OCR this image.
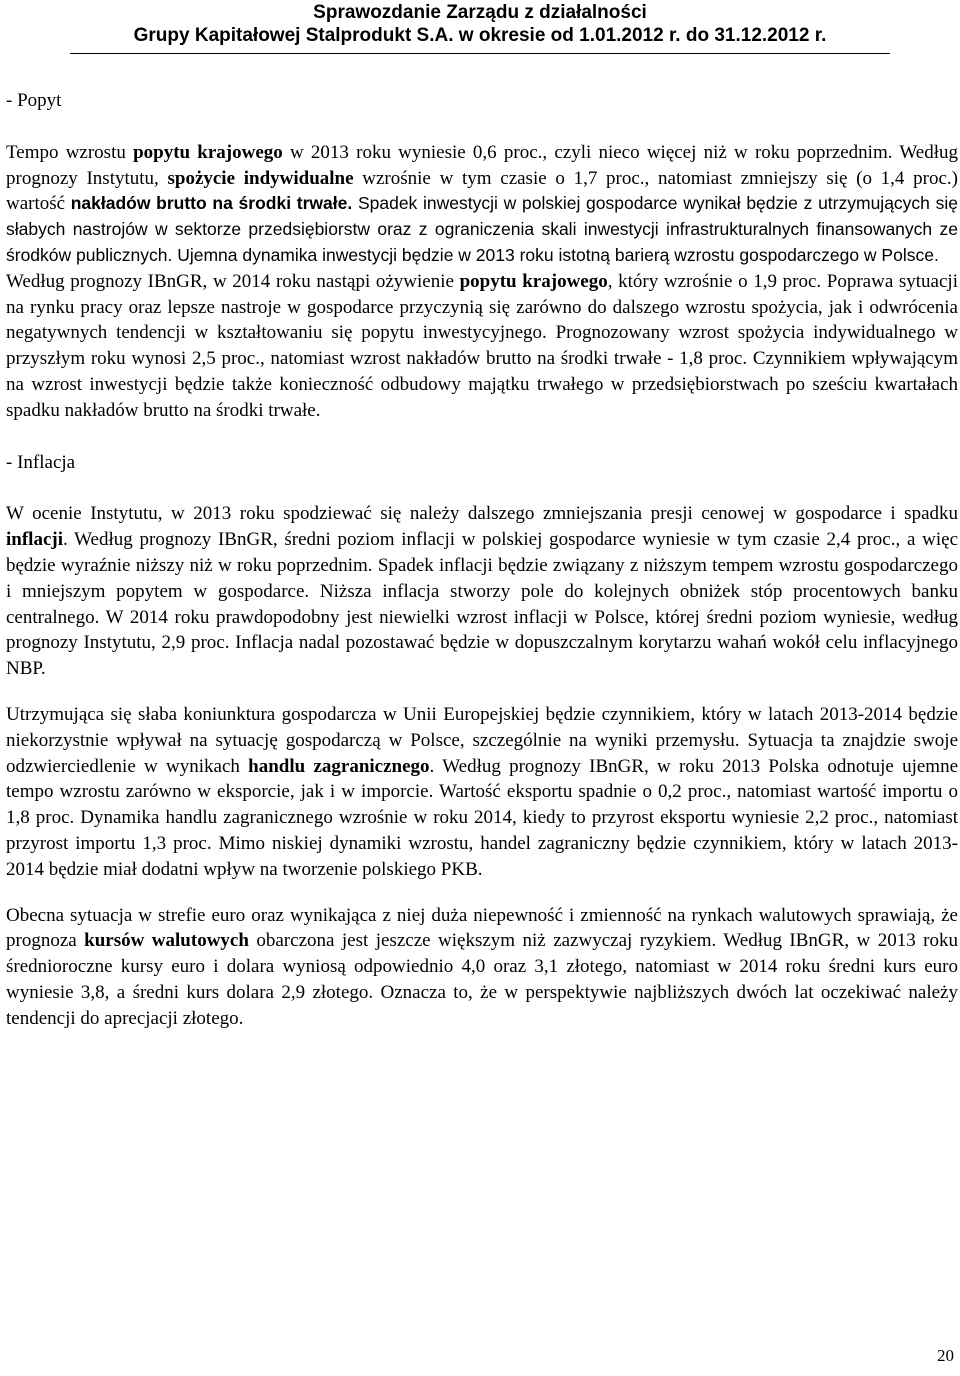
Sprawozdanie Zarządu z działalności
Grupy Kapitałowej Stalprodukt S.A. w okresie od 1.01.2012 r. do 31.12.2012 r.

- Popyt

Tempo wzrostu popytu krajowego w 2013 roku wyniesie 0,6 proc., czyli nieco więcej niż w roku poprzednim. Według prognozy Instytutu, spożycie indywidualne wzrośnie w tym czasie o 1,7 proc., natomiast zmniejszy się (o 1,4 proc.) wartość nakładów brutto na środki trwałe. Spadek inwestycji w polskiej gospodarce wynikał będzie z utrzymujących się słabych nastrojów w sektorze przedsiębiorstw oraz z ograniczenia skali inwestycji infrastrukturalnych finansowanych ze środków publicznych. Ujemna dynamika inwestycji będzie w 2013 roku istotną barierą wzrostu gospodarczego w Polsce.

Według prognozy IBnGR, w 2014 roku nastąpi ożywienie popytu krajowego, który wzrośnie o 1,9 proc. Poprawa sytuacji na rynku pracy oraz lepsze nastroje w gospodarce przyczynią się zarówno do dalszego wzrostu spożycia, jak i odwrócenia negatywnych tendencji w kształtowaniu się popytu inwestycyjnego. Prognozowany wzrost spożycia indywidualnego w przyszłym roku wynosi 2,5 proc., natomiast wzrost nakładów brutto na środki trwałe - 1,8 proc. Czynnikiem wpływającym na wzrost inwestycji będzie także konieczność odbudowy majątku trwałego w przedsiębiorstwach po sześciu kwartałach spadku nakładów brutto na środki trwałe.

- Inflacja

W ocenie Instytutu, w 2013 roku spodziewać się należy dalszego zmniejszania presji cenowej w gospodarce i spadku inflacji. Według prognozy IBnGR, średni poziom inflacji w polskiej gospodarce wyniesie w tym czasie 2,4 proc., a więc będzie wyraźnie niższy niż w roku poprzednim. Spadek inflacji będzie związany z niższym tempem wzrostu gospodarczego i mniejszym popytem w gospodarce. Niższa inflacja stworzy pole do kolejnych obniżek stóp procentowych banku centralnego. W 2014 roku prawdopodobny jest niewielki wzrost inflacji w Polsce, której średni poziom wyniesie, według prognozy Instytutu, 2,9 proc. Inflacja nadal pozostawać będzie w dopuszczalnym korytarzu wahań wokół celu inflacyjnego NBP.

Utrzymująca się słaba koniunktura gospodarcza w Unii Europejskiej będzie czynnikiem, który w latach 2013-2014 będzie niekorzystnie wpływał na sytuację gospodarczą w Polsce, szczególnie na wyniki przemysłu. Sytuacja ta znajdzie swoje odzwierciedlenie w wynikach handlu zagranicznego. Według prognozy IBnGR, w roku 2013 Polska odnotuje ujemne tempo wzrostu zarówno w eksporcie, jak i w imporcie. Wartość eksportu spadnie o 0,2 proc., natomiast wartość importu o 1,8 proc. Dynamika handlu zagranicznego wzrośnie w roku 2014, kiedy to przyrost eksportu wyniesie 2,2 proc., natomiast przyrost importu 1,3 proc. Mimo niskiej dynamiki wzrostu, handel zagraniczny będzie czynnikiem, który w latach 2013-2014 będzie miał dodatni wpływ na tworzenie polskiego PKB.

Obecna sytuacja w strefie euro oraz wynikająca z niej duża niepewność i zmienność na rynkach walutowych sprawiają, że prognoza kursów walutowych obarczona jest jeszcze większym niż zazwyczaj ryzykiem. Według IBnGR, w 2013 roku średnioroczne kursy euro i dolara wyniosą odpowiednio 4,0 oraz 3,1 złotego, natomiast w 2014 roku średni kurs euro wyniesie 3,8, a średni kurs dolara 2,9 złotego. Oznacza to, że w perspektywie najbliższych dwóch lat oczekiwać należy tendencji do aprecjacji złotego.

20
